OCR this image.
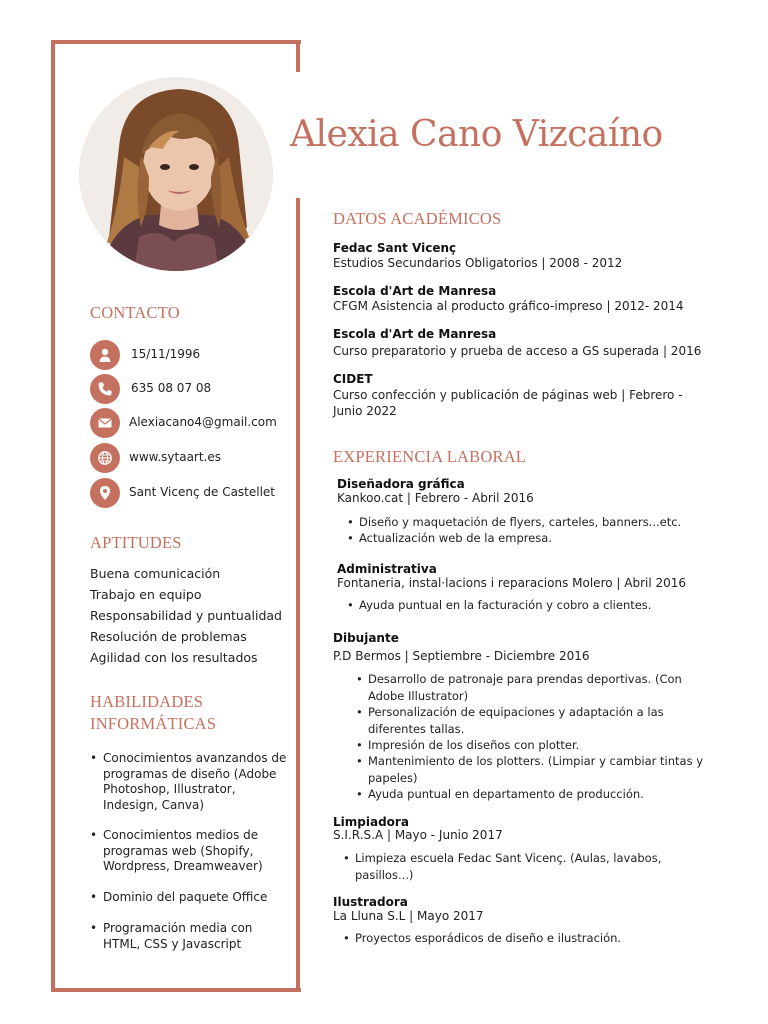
Alexia Cano Vizcaíno
CONTACTO
15/11/1996
635 08 07 08
Alexiacano4@gmail.com
www.sytaart.es
Sant Vicenç de Castellet
APTITUDES
Buena comunicación
Trabajo en equipo
Responsabilidad y puntualidad
Resolución de problemas
Agilidad con los resultados
HABILIDADES
INFORMÁTICAS
• Conocimientos avanzandos de programas de diseño (Adobe Photoshop, Illustrator, Indesign, Canva)
• Conocimientos medios de programas web (Shopify, Wordpress, Dreamweaver)
• Dominio del paquete Office
• Programación media con HTML, CSS y Javascript
DATOS ACADÉMICOS
Fedac Sant Vicenç
Estudios Secundarios Obligatorios | 2008 - 2012
Escola d'Art de Manresa
CFGM Asistencia al producto gráfico-impreso | 2012- 2014
Escola d'Art de Manresa
Curso preparatorio y prueba de acceso a GS superada | 2016
CIDET
Curso confección y publicación de páginas web | Febrero - Junio 2022
EXPERIENCIA LABORAL
Diseñadora gráfica
Kankoo.cat | Febrero - Abril 2016
• Diseño y maquetación de flyers, carteles, banners...etc.
• Actualización web de la empresa.
Administrativa
Fontaneria, instal·lacions i reparacions Molero | Abril 2016
• Ayuda puntual en la facturación y cobro a clientes.
Dibujante
P.D Bermos | Septiembre - Diciembre 2016
• Desarrollo de patronaje para prendas deportivas. (Con Adobe Illustrator)
• Personalización de equipaciones y adaptación a las diferentes tallas.
• Impresión de los diseños con plotter.
• Mantenimiento de los plotters. (Limpiar y cambiar tintas y papeles)
• Ayuda puntual en departamento de producción.
Limpiadora
S.I.R.S.A | Mayo - Junio 2017
• Limpieza escuela Fedac Sant Vicenç. (Aulas, lavabos, pasillos...)
Ilustradora
La Lluna S.L | Mayo 2017
• Proyectos esporádicos de diseño e ilustración.
